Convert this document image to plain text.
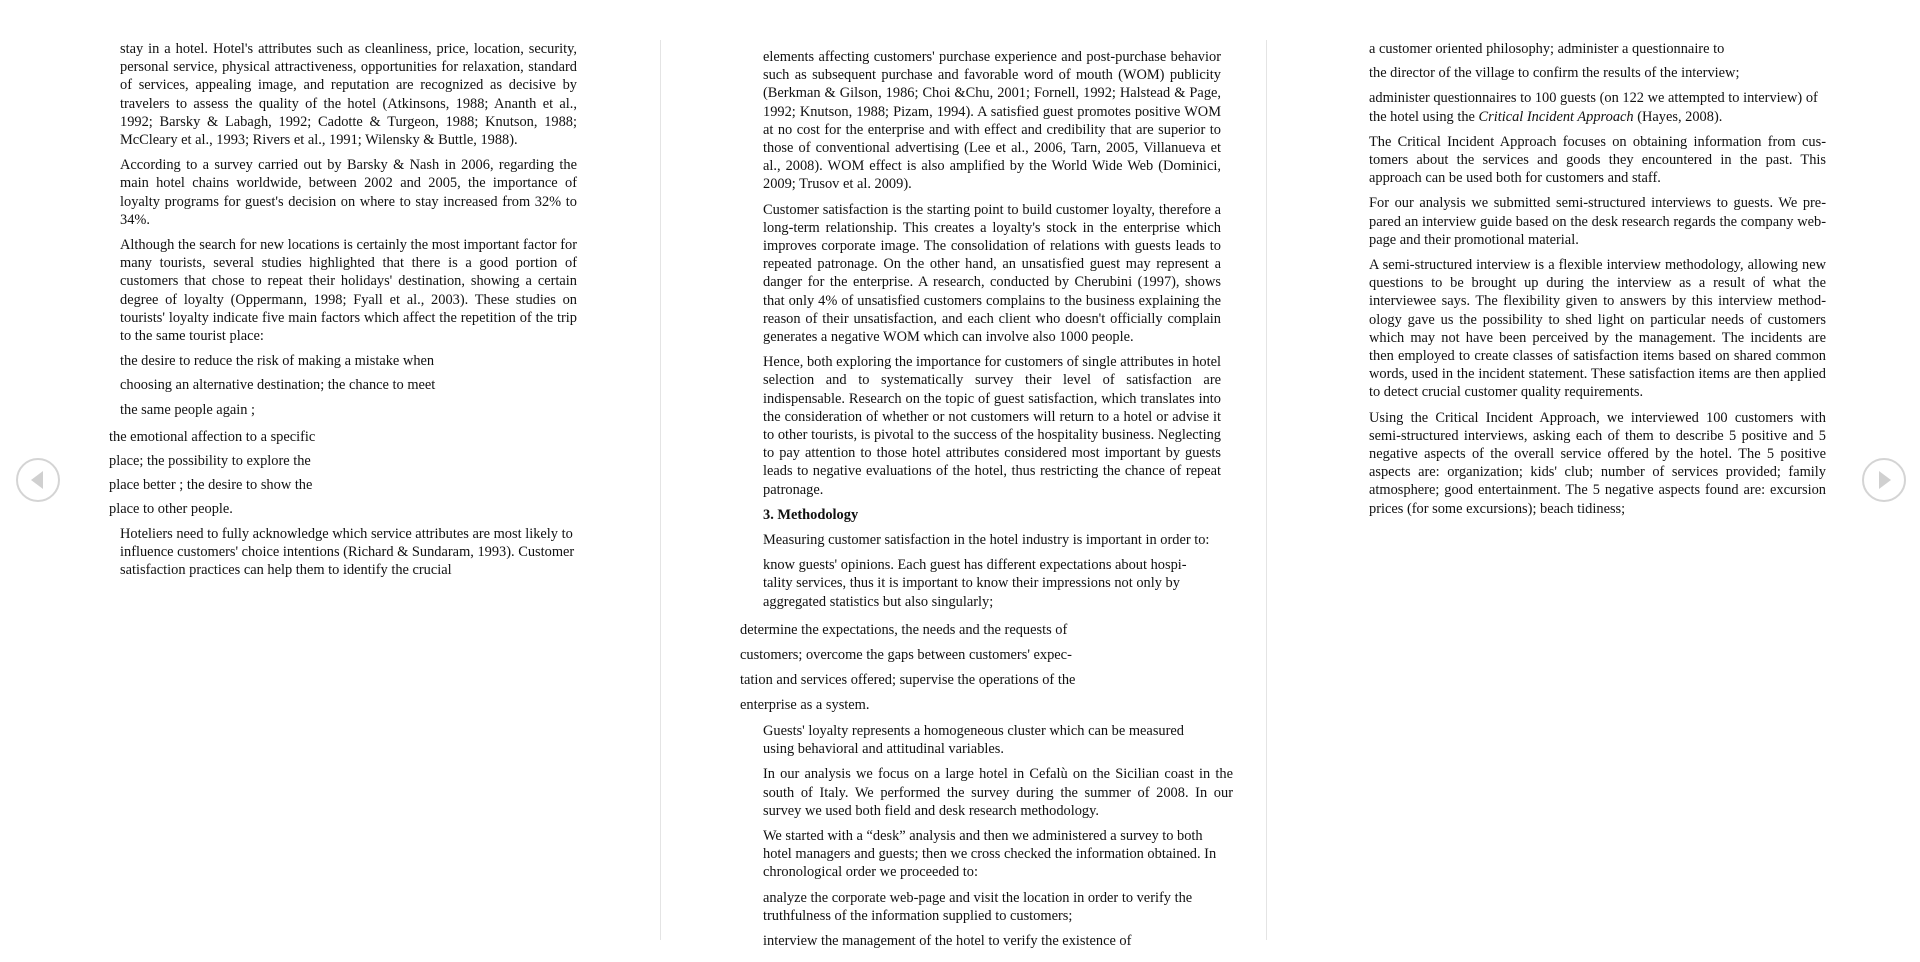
stay in a hotel. Hotel's attributes such as cleanliness, price, location, security, personal service, physical attractiveness, opportunities for relaxation, standard of services, appealing image, and reputation are recognized as decisive by travelers to assess the quality of the hotel (Atkinsons, 1988; Ananth et al., 1992; Barsky & Labagh, 1992; Cadotte & Turgeon, 1988; Knutson, 1988; McCleary et al., 1993; Rivers et al., 1991; Wilensky & Buttle, 1988).

According to a survey carried out by Barsky & Nash in 2006, regarding the main hotel chains worldwide, between 2002 and 2005, the importance of loyalty programs for guest's decision on where to stay increased from 32% to 34%.

Although the search for new locations is certainly the most important factor for many tourists, several studies highlighted that there is a good portion of customers that chose to repeat their holidays' destination, showing a certain degree of loyalty (Oppermann, 1998; Fyall et al., 2003). These studies on tourists' loyalty indicate five main factors which affect the repetition of the trip to the same tourist place:

the desire to reduce the risk of making a mistake when

choosing an alternative destination; the chance to meet

the same people again ;

the emotional affection to a specific

place; the possibility to explore the

place better ; the desire to show the

place to other people.

Hoteliers need to fully acknowledge which service attributes are most likely to influence customers' choice intentions (Richard & Sundaram, 1993). Customer satisfaction practices can help them to identify the crucial

elements affecting customers' purchase experience and post-purchase behavior such as subsequent purchase and favorable word of mouth (WOM) publicity (Berkman & Gilson, 1986; Choi &Chu, 2001; Fornell, 1992; Halstead & Page, 1992; Knutson, 1988; Pizam, 1994). A satisfied guest promotes positive WOM at no cost for the enterprise and with effect and credibility that are superior to those of conventional advertising (Lee et al., 2006, Tarn, 2005, Villanueva et al., 2008). WOM effect is also amplified by the World Wide Web (Dominici, 2009; Trusov et al. 2009).

Customer satisfaction is the starting point to build customer loyalty, therefore a long-term relationship. This creates a loyalty's stock in the enterprise which improves corporate image. The consolidation of relations with guests leads to repeated patronage. On the other hand, an unsatisfied guest may represent a danger for the enterprise. A research, conducted by Cherubini (1997), shows that only 4% of unsatisfied customers complains to the business explaining the reason of their unsatisfaction, and each client who doesn't officially complain generates a negative WOM which can involve also 1000 people.

Hence, both exploring the importance for customers of single attributes in hotel selection and to systematically survey their level of satisfaction are indispensable. Research on the topic of guest satisfaction, which translates into the consideration of whether or not customers will return to a hotel or advise it to other tourists, is pivotal to the success of the hospitality business. Neglecting to pay attention to those hotel attributes considered most important by guests leads to negative evaluations of the hotel, thus restricting the chance of repeat patronage.

3. Methodology

Measuring customer satisfaction in the hotel industry is important in order to:

know guests' opinions. Each guest has different expectations about hospi-tality services, thus it is important to know their impressions not only by aggregated statistics but also singularly;

determine the expectations, the needs and the requests of

customers; overcome the gaps between customers' expec-

tation and services offered; supervise the operations of the

enterprise as a system.

Guests' loyalty represents a homogeneous cluster which can be measured using behavioral and attitudinal variables.

In our analysis we focus on a large hotel in Cefalù on the Sicilian coast in the south of Italy. We performed the survey during the summer of 2008. In our survey we used both field and desk research methodology.

We started with a “desk” analysis and then we administered a survey to both hotel managers and guests; then we cross checked the information obtained. In chronological order we proceeded to:

analyze the corporate web-page and visit the location in order to verify the truthfulness of the information supplied to customers;

interview the management of the hotel to verify the existence of

a customer oriented philosophy; administer a questionnaire to

the director of the village to confirm the results of the interview;

administer questionnaires to 100 guests (on 122 we attempted to interview) of the hotel using the Critical Incident Approach (Hayes, 2008).

The Critical Incident Approach focuses on obtaining information from cus-tomers about the services and goods they encountered in the past. This approach can be used both for customers and staff.

For our analysis we submitted semi-structured interviews to guests. We pre-pared an interview guide based on the desk research regards the company web-page and their promotional material.

A semi-structured interview is a flexible interview methodology, allowing new questions to be brought up during the interview as a result of what the interviewee says. The flexibility given to answers by this interview method-ology gave us the possibility to shed light on particular needs of customers which may not have been perceived by the management. The incidents are then employed to create classes of satisfaction items based on shared common words, used in the incident statement. These satisfaction items are then applied to detect crucial customer quality requirements.

Using the Critical Incident Approach, we interviewed 100 customers with semi-structured interviews, asking each of them to describe 5 positive and 5 negative aspects of the overall service offered by the hotel. The 5 positive aspects are: organization; kids' club; number of services provided; family atmosphere; good entertainment. The 5 negative aspects found are: excursion prices (for some excursions); beach tidiness;
